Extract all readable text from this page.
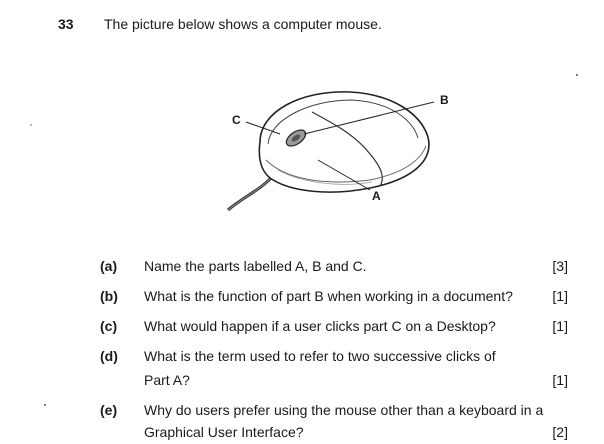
33 The picture below shows a computer mouse.
C
B
A
(a) Name the parts labelled A, B and C.	[3]
(b) What is the function of part B when working in a document?	[1]
(c) What would happen if a user clicks part C on a Desktop?	[1]
(d) What is the term used to refer to two successive clicks of
Part A?	[1]
(e) Why do users prefer using the mouse other than a keyboard in a
Graphical User Interface?	[2]
